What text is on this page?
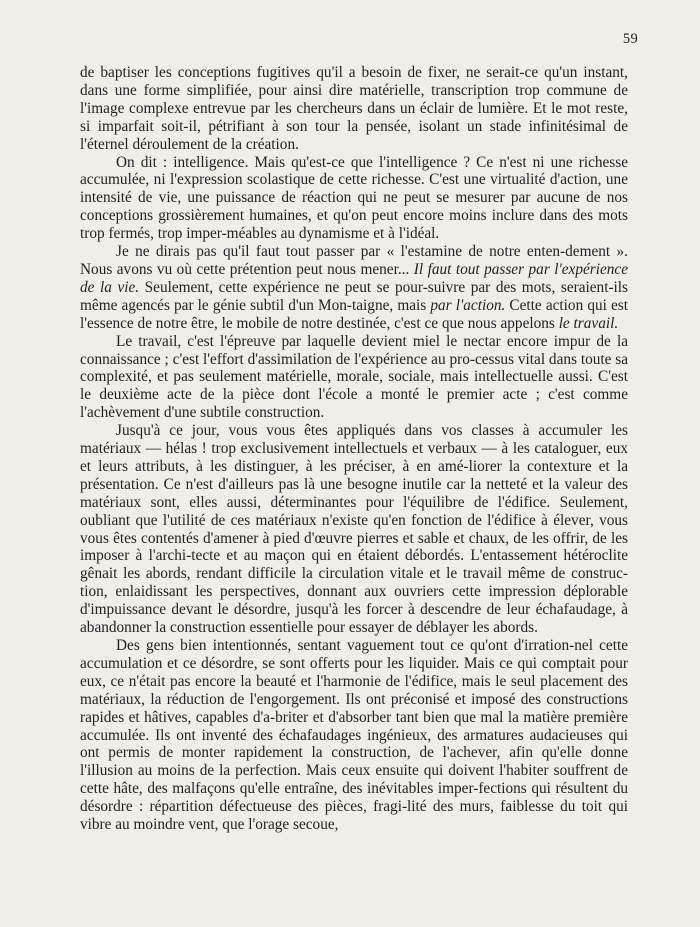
59

de baptiser les conceptions fugitives qu'il a besoin de fixer, ne serait-ce qu'un instant, dans une forme simplifiée, pour ainsi dire matérielle, transcription trop commune de l'image complexe entrevue par les chercheurs dans un éclair de lumière. Et le mot reste, si imparfait soit-il, pétrifiant à son tour la pensée, isolant un stade infinitésimal de l'éternel déroulement de la création.

On dit : intelligence. Mais qu'est-ce que l'intelligence ? Ce n'est ni une richesse accumulée, ni l'expression scolastique de cette richesse. C'est une virtualité d'action, une intensité de vie, une puissance de réaction qui ne peut se mesurer par aucune de nos conceptions grossièrement humaines, et qu'on peut encore moins inclure dans des mots trop fermés, trop imper-méables au dynamisme et à l'idéal.

Je ne dirais pas qu'il faut tout passer par « l'estamine de notre enten-dement ». Nous avons vu où cette prétention peut nous mener... Il faut tout passer par l'expérience de la vie. Seulement, cette expérience ne peut se pour-suivre par des mots, seraient-ils même agencés par le génie subtil d'un Mon-taigne, mais par l'action. Cette action qui est l'essence de notre être, le mobile de notre destinée, c'est ce que nous appelons le travail.

Le travail, c'est l'épreuve par laquelle devient miel le nectar encore impur de la connaissance ; c'est l'effort d'assimilation de l'expérience au pro-cessus vital dans toute sa complexité, et pas seulement matérielle, morale, sociale, mais intellectuelle aussi. C'est le deuxième acte de la pièce dont l'école a monté le premier acte ; c'est comme l'achèvement d'une subtile construction.

Jusqu'à ce jour, vous vous êtes appliqués dans vos classes à accumuler les matériaux — hélas ! trop exclusivement intellectuels et verbaux — à les cataloguer, eux et leurs attributs, à les distinguer, à les préciser, à en amé-liorer la contexture et la présentation. Ce n'est d'ailleurs pas là une besogne inutile car la netteté et la valeur des matériaux sont, elles aussi, déterminantes pour l'équilibre de l'édifice. Seulement, oubliant que l'utilité de ces matériaux n'existe qu'en fonction de l'édifice à élever, vous vous êtes contentés d'amener à pied d'œuvre pierres et sable et chaux, de les offrir, de les imposer à l'archi-tecte et au maçon qui en étaient débordés. L'entassement hétéroclite gênait les abords, rendant difficile la circulation vitale et le travail même de construc-tion, enlaidissant les perspectives, donnant aux ouvriers cette impression déplorable d'impuissance devant le désordre, jusqu'à les forcer à descendre de leur échafaudage, à abandonner la construction essentielle pour essayer de déblayer les abords.

Des gens bien intentionnés, sentant vaguement tout ce qu'ont d'irration-nel cette accumulation et ce désordre, se sont offerts pour les liquider. Mais ce qui comptait pour eux, ce n'était pas encore la beauté et l'harmonie de l'édifice, mais le seul placement des matériaux, la réduction de l'engorgement. Ils ont préconisé et imposé des constructions rapides et hâtives, capables d'a-briter et d'absorber tant bien que mal la matière première accumulée. Ils ont inventé des échafaudages ingénieux, des armatures audacieuses qui ont permis de monter rapidement la construction, de l'achever, afin qu'elle donne l'illusion au moins de la perfection. Mais ceux ensuite qui doivent l'habiter souffrent de cette hâte, des malfaçons qu'elle entraîne, des inévitables imper-fections qui résultent du désordre : répartition défectueuse des pièces, fragi-lité des murs, faiblesse du toit qui vibre au moindre vent, que l'orage secoue,
